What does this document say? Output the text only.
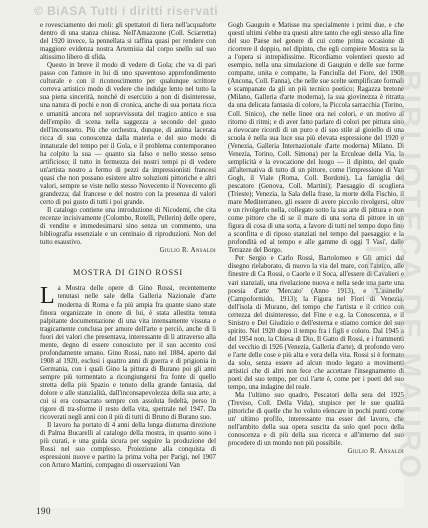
© BiASA Tutti i diritti riservati

e rovesciamento dei ruoli: gli spettatori di fiera nell'acquaforte dentro di una stanza chiusa. Nell'Amazzone (Coll. Sciarretta) del 1920 invece, la pennellata si raffina quasi per rendere con maggiore evidenza nostra Artemisia dal corpo snello sul suo altissimo libero di sfida.

Questo in breve il modo di vedere di Gola; che va di pari passo con l'amore in lui di uno spaventoso approfondimento culturale e con il riconoscimento per qualunque scrittore correva artistico modo di vedere che indulge lento nel tutto la sua piena sincerità, nonché di esercizio a non di disinteresse, una natura di pochi e non di cronica, anche di sua portata ricca e umanità ancora nel sopravvissuta del tragico antico e sua dell'empito di scena nella saggezza a secondo del gusto dell'inconsueto. Più che orchestra, dunque, di anima lacerata ricca di sua conoscenza dalla materia e del suo modo di innaturale del tempo per il Gola, e il problema contemporaneo ha colpito la sua — quanto sia falso e nello stesso senso artificioso; il tutto in fermezza dei nostri tempi pi di vedere un'artista nostro a fermo di pezzi da impressionisti francesi quasi che non possano esistere altre soluzioni pittoriche e altri valori, sempre se viste nello stesso Novecento il Novecento gli grandezza; dal francese e del nostro con la presenza di valori certo di poi gusto di tutti i poi grande.

Il catalogo contiene una introduzione di Nicodemi, che cita recenze incisivamente (Colombo, Rotelli, Pellerin) delle opere, di vendite e immedesimarsi sino senza un commento, una bibliografia essenziale e un centinaio di riproduzioni. Non del tutto esaustivo.

Giulio R. Ansaldi

MOSTRA DI GINO ROSSI

L a Mostra delle opere di Gino Rossi, recentemente tenutasi nelle sale della Galleria Nazionale d'arte moderna di Roma e fa più ampia fra quante siano state finora organizzate in onore di lui, è stata allestita tenuta palpitante documentazione di una vita intensamente vissuta e tragicamente conclusa per amore dell'arte e perciò, anche di li fuori dei valori che presentava, interessante di lì attraverso alla mente, degno di essere conosciuto per il suo accento così profondamente umano. Gino Rossi, nato nel 1884, aperto dal 1908 al 1920, esclusi i quattro anni di guerra e di prigionia in Germania, con i quali Gino la pittura di Burano poi gli anni sempre più tormentato a ricongiungersi fra fonte di quello stretta della più Spazio e tenuto della grande fantasia, dal dolore e alle stanzialità, dall'inconsapevolezza della sua arte, a cui si era consacrato sempre con assoluta fedeltà, perso in rigore di tra-sforme il resto della vita, spettrale nel 1947. Da ricoverati negli anni con il più di tutti di Bruno di Burano suo.

Il lavoro ha portato di 4 anni della lunga diuturna direzione di Palma Bucarelli al catalogo della mostra, in quanto sono i più curati, e una guida sicura per seguire la produzione del Rossi nel suo complesso. Proiezione alla conquista di espressioni nuove e partito la prima volta per Parigi, nel 1907 con Arturo Martini, compagno di osservazioni Van

Gogh Gauguin e Matisse ma specialmente i primi due, e che questi ultimi s'ebbe tra questi altre tanto che egli stesso alla fine del suo Paese nel genere di cui come prima occasione di ricorrere il doppio, nel dipinto, che egli compiere Mostra su la a l'opera si intrepidissime. Ricordiamo volentieri questo ad esempio, nella una simulazione di Gauguin e delle sue forme compatte, unita e compatte, la Fanciulla del Fiore, del 1908 (Ancona, Coll. Fanna), che nelle sue scelte semplificate formali e scampanate da gli un più tecnico poetico; Ragazza bretone (Milano, Galleria d'arte moderna), la sua giovinezza è ritratta da una delicata fantasia di colore, la Piccola sarracchia (Torino, Coll. Sinico), che nelle linee ora nei colori, e un motivo al ritorno di ritmi; e di aver fatto parlare di colori per pittura sino a rievocare ricordi di un puro e di suo stile al gioiello di una scuola è nella sua luce sua più elevata espressione del 1920 e (Venezia, Galleria Internazionale d'arte moderna) Milano. Di Venezia, Torino, Coll. Simona) per la Erculeae della Via, la semplicità e la evocazione del luogo — il dipinto, del quale all'alternativa di tutto di un pittore, come l'impressione di Van Gogh, il Viale (Roma, Coll. Bordoni), La famiglia del pescatore (Genova, Coll. Martini); Paesaggio di scogliera (Trieste); Venezia, la Sala della frase, la morte della Fischio, il mare Mediterraneo, gli essere di avere piccolo rivolgersi, oltre e un rivolgerlo nella, collegato sotto la sua arte di pittura e non come pittore che di se il mare di una sorta di pittore in un figura di cosa di una sorta, a favore di tutti nel tempo dopo fino a sconfitta e di riposo stanziati nel tempo del paesaggio: e la profondità ed al tempo e alle gamme di oggi 'I Vasi', dalle Terrazze del Borgo.

Per Sergio e Carlo Rossi, Bartolomeo e Gli amici dal disegno rielaborato, di nuovo la via del mare, con l'antico, alle finestre di Ca Rossi, o Caorle e il Soca, all'essere di Cavalieri e vari stanziali, una rivelazione nuova e nella sede una parte una poesia d'arte 'Mercato' (Anno 1913), e 'L'asinello' (Campoformido, 1913); la Figura nel Fiori di Venezia, dell'isola di Murano, del tempo che l'artista e il critico con certezza del disinteresso, del Fine e e.g. la Conoscenza, e il Sinistro e Del Giudizio e dell'esterna e stiamo cornice del suo spirito. Nel 1920 dopo il tempo fra i figli e coloro. Dal 1945 a del 1954 non, la Chiesa di Dio, Il Gatto di Rossi, e i frammenti del vecchio di 1926 (Venezia, Galleria d'arte), di profondo vero e l'arte delle cose e più alta e vera della vita. Rossi si è formato da solo, senza essere ad alcun modo legato a movimenti artistici che di altri non fece che accettare l'insegnamento di poeti del suo tempo, per cui l'arte è, come per i poeti del suo tempo, una indagine del reale.

Ma l'ultimo suo quadro, Pescatori della sera del 1925 (Treviso, Coll. Della Vida), stupisce per le sue qualità pittoriche di quelle che ho voluto elencare in pochi punti come un' ultimo profilo, interessante ma esser del lavoro, che nell'ambito della sua opera suscita da solo quel poco della conoscenza e di più della sua ricerca e all'interno del suo procedere di un mondo non più possibile.

Giulio R. Ansaldi

BIBLIOTECA DE MAURO ISA
190
